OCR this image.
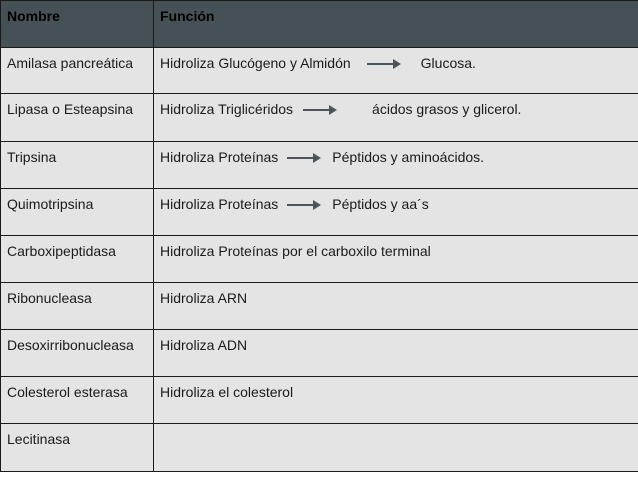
Nombre	Función
Amilasa pancreática	Hidroliza Glucógeno y Almidón Glucosa.

Lipasa o Esteapsina	Hidroliza Triglicéridos ácidos grasos y glicerol.

Tripsina	Hidroliza Proteínas Péptidos y aminoácidos.

Quimotripsina	Hidroliza Proteínas Péptidos y aa´s

Carboxipeptidasa	Hidroliza Proteínas por el carboxilo terminal
Ribonucleasa	Hidroliza ARN
Desoxirribonucleasa	Hidroliza ADN
Colesterol esterasa	Hidroliza el colesterol
Lecitinasa	
